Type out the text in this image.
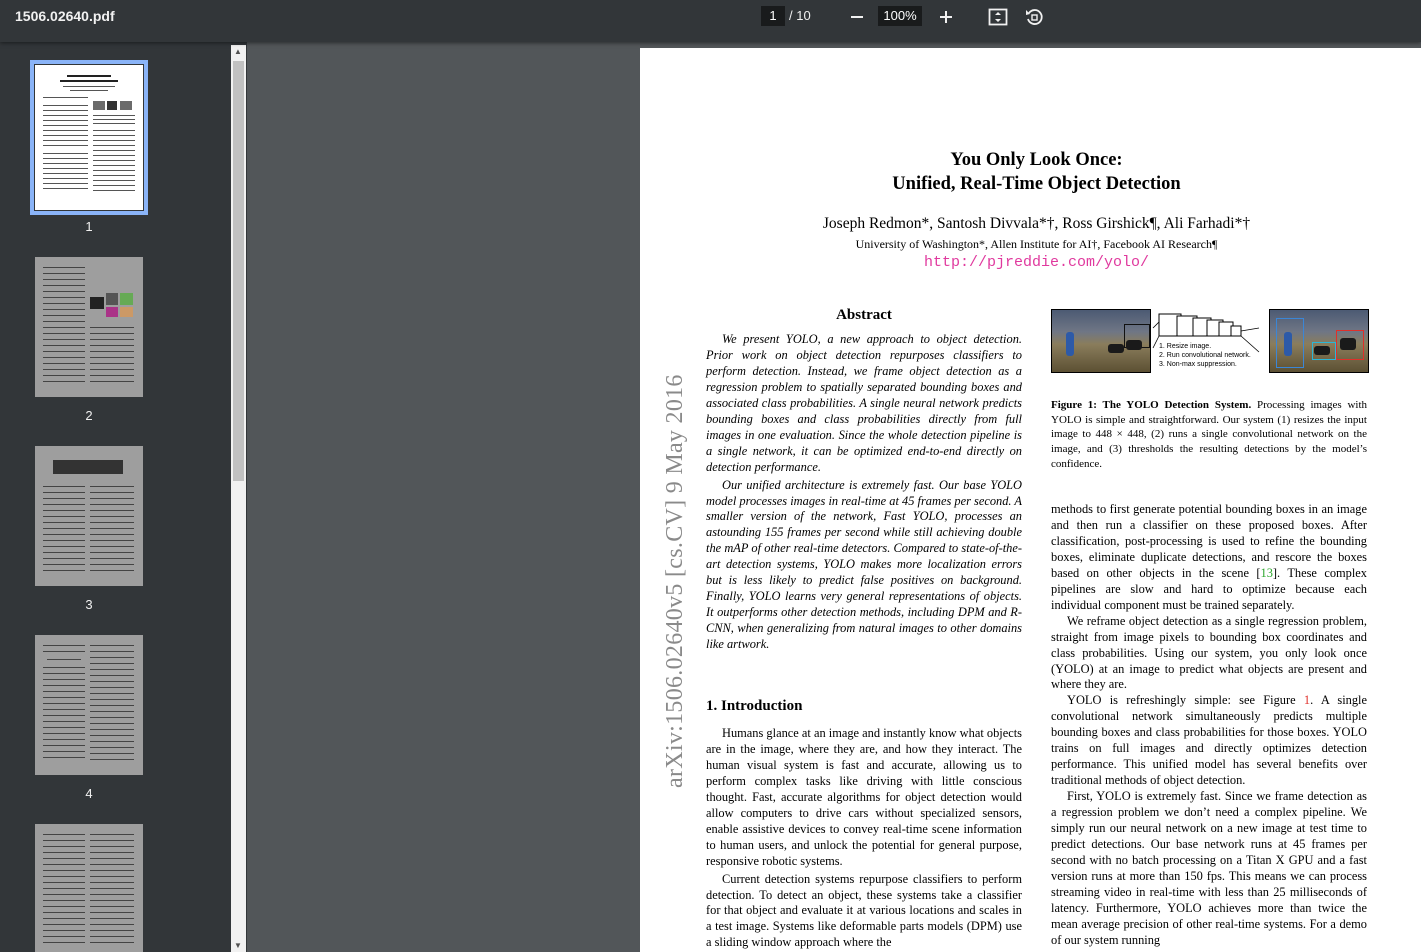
1506.02640.pdf	1 / 10	100%
1
2
3
4
▲
▼
You Only Look Once:
Unified, Real-Time Object Detection
Joseph Redmon*, Santosh Divvala*†, Ross Girshick¶, Ali Farhadi*†
University of Washington*, Allen Institute for AI†, Facebook AI Research¶
http://pjreddie.com/yolo/
arXiv:1506.02640v5 [cs.CV] 9 May 2016
Abstract

We present YOLO, a new approach to object detection. Prior work on object detection repurposes classifiers to perform detection. Instead, we frame object detection as a regression problem to spatially separated bounding boxes and associated class probabilities. A single neural network predicts bounding boxes and class probabilities directly from full images in one evaluation. Since the whole detection pipeline is a single network, it can be optimized end-to-end directly on detection performance.

Our unified architecture is extremely fast. Our base YOLO model processes images in real-time at 45 frames per second. A smaller version of the network, Fast YOLO, processes an astounding 155 frames per second while still achieving double the mAP of other real-time detectors. Compared to state-of-the-art detection systems, YOLO makes more localization errors but is less likely to predict false positives on background. Finally, YOLO learns very general representations of objects. It outperforms other detection methods, including DPM and R-CNN, when generalizing from natural images to other domains like artwork.

1. Introduction

Humans glance at an image and instantly know what objects are in the image, where they are, and how they interact. The human visual system is fast and accurate, allowing us to perform complex tasks like driving with little conscious thought. Fast, accurate algorithms for object detection would allow computers to drive cars without specialized sensors, enable assistive devices to convey real-time scene information to human users, and unlock the potential for general purpose, responsive robotic systems.

Current detection systems repurpose classifiers to perform detection. To detect an object, these systems take a classifier for that object and evaluate it at various locations and scales in a test image. Systems like deformable parts models (DPM) use a sliding window approach where the

1. Resize image.
2. Run convolutional network.
3. Non-max suppression.
Figure 1: The YOLO Detection System. Processing images with YOLO is simple and straightforward. Our system (1) resizes the input image to 448 × 448, (2) runs a single convolutional network on the image, and (3) thresholds the resulting detections by the model’s confidence.

methods to first generate potential bounding boxes in an image and then run a classifier on these proposed boxes. After classification, post-processing is used to refine the bounding boxes, eliminate duplicate detections, and rescore the boxes based on other objects in the scene [13]. These complex pipelines are slow and hard to optimize because each individual component must be trained separately.

We reframe object detection as a single regression problem, straight from image pixels to bounding box coordinates and class probabilities. Using our system, you only look once (YOLO) at an image to predict what objects are present and where they are.

YOLO is refreshingly simple: see Figure 1. A single convolutional network simultaneously predicts multiple bounding boxes and class probabilities for those boxes. YOLO trains on full images and directly optimizes detection performance. This unified model has several benefits over traditional methods of object detection.

First, YOLO is extremely fast. Since we frame detection as a regression problem we don’t need a complex pipeline. We simply run our neural network on a new image at test time to predict detections. Our base network runs at 45 frames per second with no batch processing on a Titan X GPU and a fast version runs at more than 150 fps. This means we can process streaming video in real-time with less than 25 milliseconds of latency. Furthermore, YOLO achieves more than twice the mean average precision of other real-time systems. For a demo of our system running
